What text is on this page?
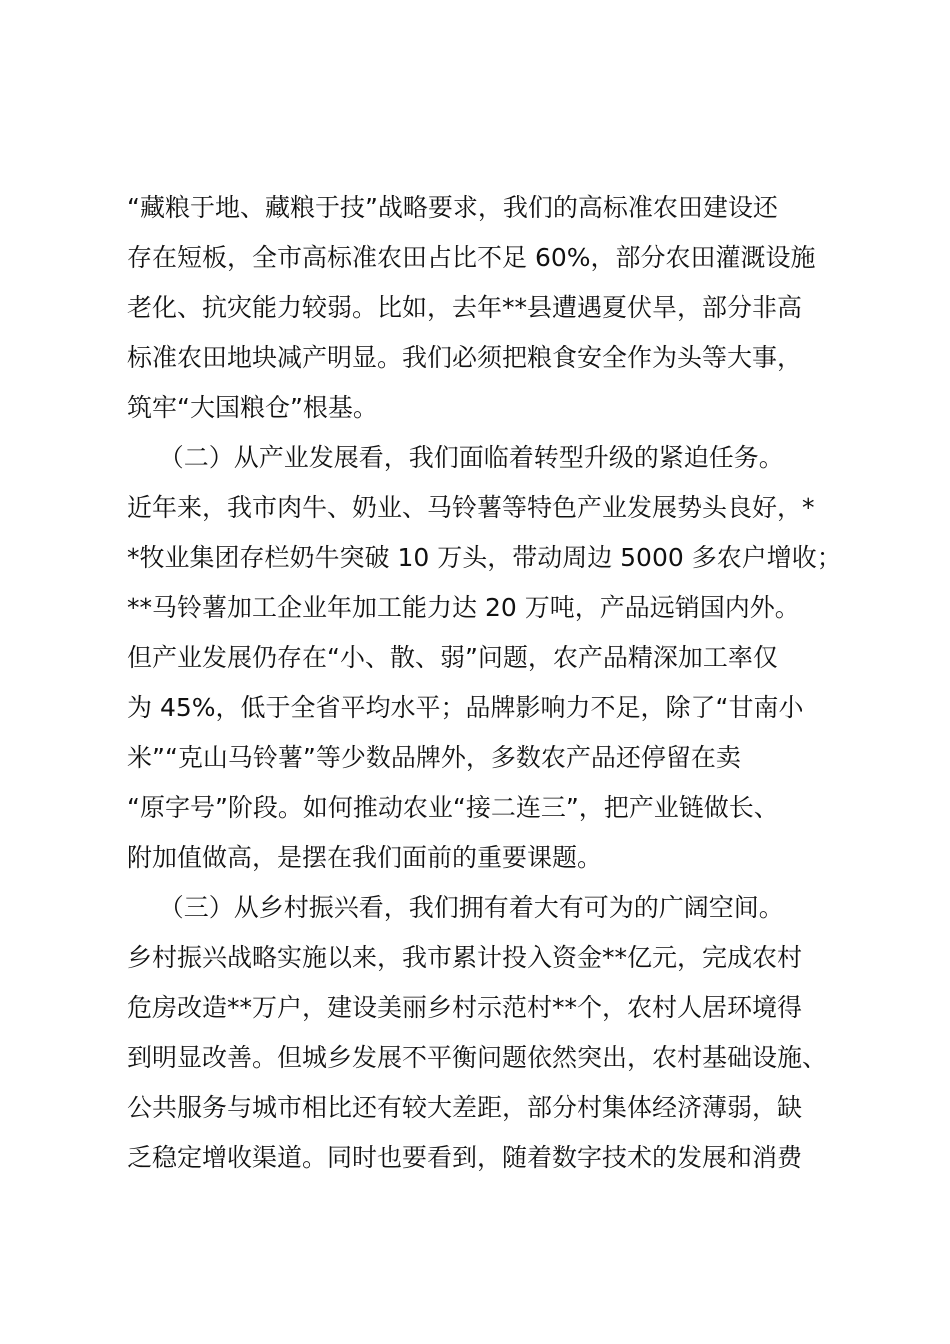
“藏粮于地、藏粮于技”战略要求，我们的高标准农田建设还
存在短板，全市高标准农田占比不足 60%，部分农田灌溉设施
老化、抗灾能力较弱。比如，去年**县遭遇夏伏旱，部分非高
标准农田地块减产明显。我们必须把粮食安全作为头等大事，
筑牢“大国粮仓”根基。
（二）从产业发展看，我们面临着转型升级的紧迫任务。
近年来，我市肉牛、奶业、马铃薯等特色产业发展势头良好，*
*牧业集团存栏奶牛突破 10 万头，带动周边 5000 多农户增收；
**马铃薯加工企业年加工能力达 20 万吨，产品远销国内外。
但产业发展仍存在“小、散、弱”问题，农产品精深加工率仅
为 45%，低于全省平均水平；品牌影响力不足，除了“甘南小
米”“克山马铃薯”等少数品牌外，多数农产品还停留在卖
“原字号”阶段。如何推动农业“接二连三”，把产业链做长、
附加值做高，是摆在我们面前的重要课题。
（三）从乡村振兴看，我们拥有着大有可为的广阔空间。
乡村振兴战略实施以来，我市累计投入资金**亿元，完成农村
危房改造**万户，建设美丽乡村示范村**个，农村人居环境得
到明显改善。但城乡发展不平衡问题依然突出，农村基础设施、
公共服务与城市相比还有较大差距，部分村集体经济薄弱，缺
乏稳定增收渠道。同时也要看到，随着数字技术的发展和消费
